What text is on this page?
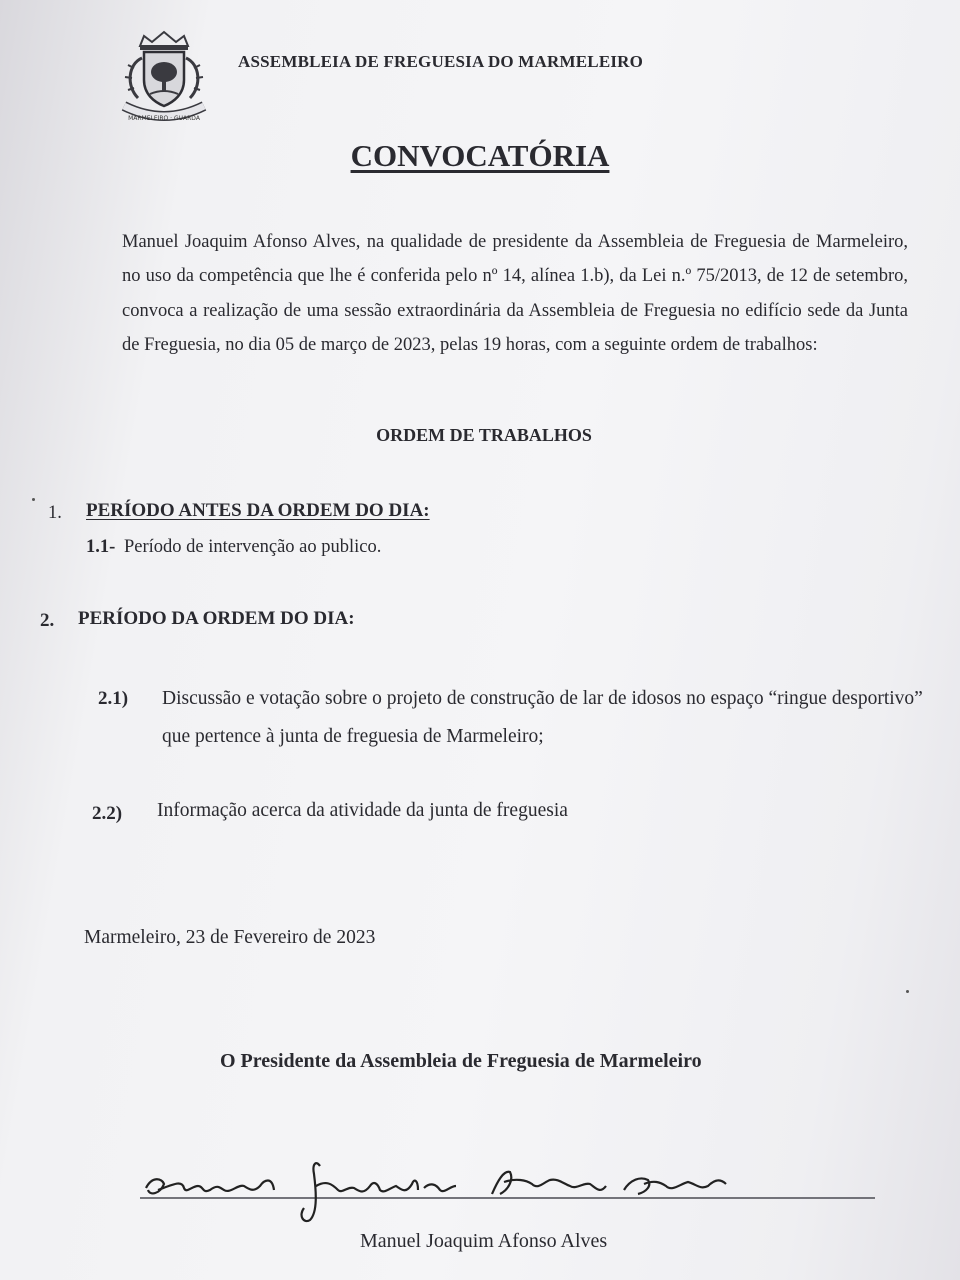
MARMELEIRO · GUARDA
ASSEMBLEIA DE FREGUESIA DO MARMELEIRO
CONVOCATÓRIA
Manuel Joaquim Afonso Alves, na qualidade de presidente da Assembleia de Freguesia de Marmeleiro, no uso da competência que lhe é conferida pelo nº 14, alínea 1.b), da Lei n.º 75/2013, de 12 de setembro, convoca a realização de uma sessão extraordinária da Assembleia de Freguesia no edifício sede da Junta de Freguesia, no dia 05 de março de 2023, pelas 19 horas, com a seguinte ordem de trabalhos:
ORDEM DE TRABALHOS
1. PERÍODO ANTES DA ORDEM DO DIA:
1.1- Período de intervenção ao publico.
2. PERÍODO DA ORDEM DO DIA:
2.1) Discussão e votação sobre o projeto de construção de lar de idosos no espaço “ringue desportivo” que pertence à junta de freguesia de Marmeleiro;
2.2) Informação acerca da atividade da junta de freguesia
Marmeleiro, 23 de Fevereiro de 2023
O Presidente da Assembleia de Freguesia de Marmeleiro
Manuel Joaquim Afonso Alves
